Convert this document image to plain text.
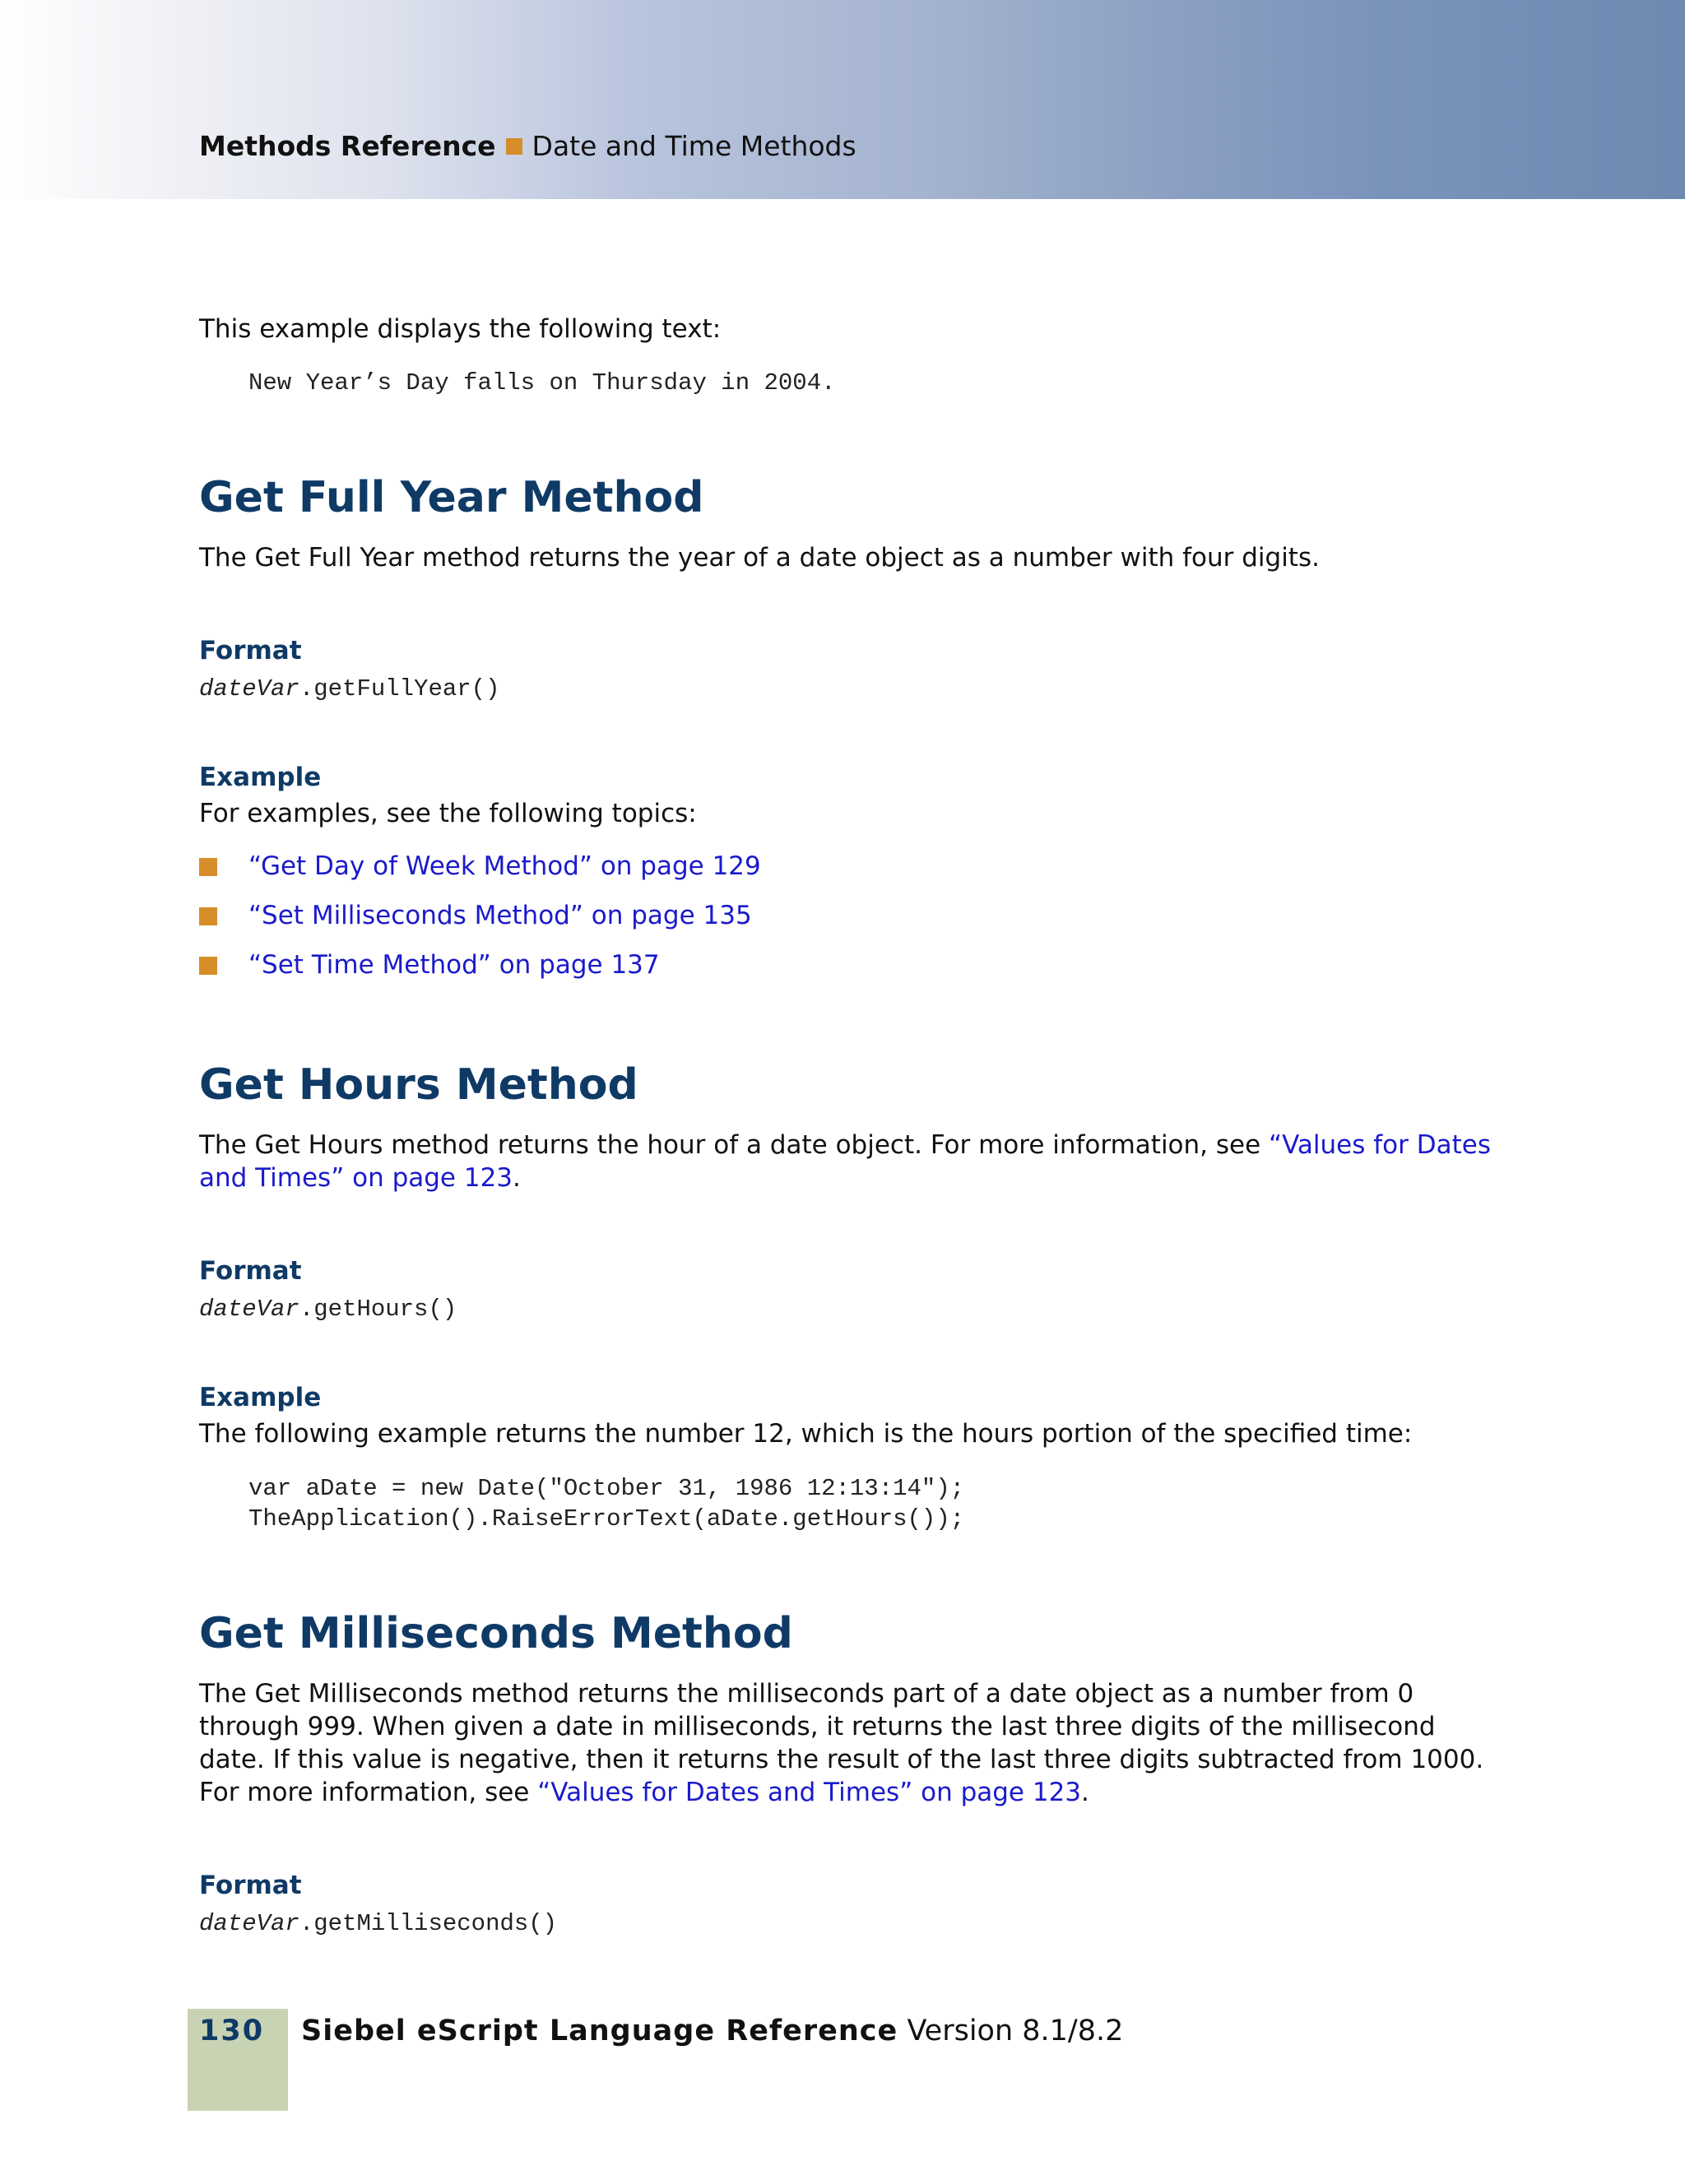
Methods Reference Date and Time Methods
This example displays the following text:
New Year’s Day falls on Thursday in 2004.
Get Full Year Method
The Get Full Year method returns the year of a date object as a number with four digits.
Format
dateVar.getFullYear()
Example
For examples, see the following topics:
“Get Day of Week Method” on page 129
“Set Milliseconds Method” on page 135
“Set Time Method” on page 137
Get Hours Method
The Get Hours method returns the hour of a date object. For more information, see “Values for Dates
and Times” on page 123.
Format
dateVar.getHours()
Example
The following example returns the number 12, which is the hours portion of the specified time:
var aDate = new Date("October 31, 1986 12:13:14");
TheApplication().RaiseErrorText(aDate.getHours());
Get Milliseconds Method
The Get Milliseconds method returns the milliseconds part of a date object as a number from 0
through 999. When given a date in milliseconds, it returns the last three digits of the millisecond
date. If this value is negative, then it returns the result of the last three digits subtracted from 1000.
For more information, see “Values for Dates and Times” on page 123.
Format
dateVar.getMilliseconds()
130 Siebel eScript Language Reference Version 8.1/8.2
